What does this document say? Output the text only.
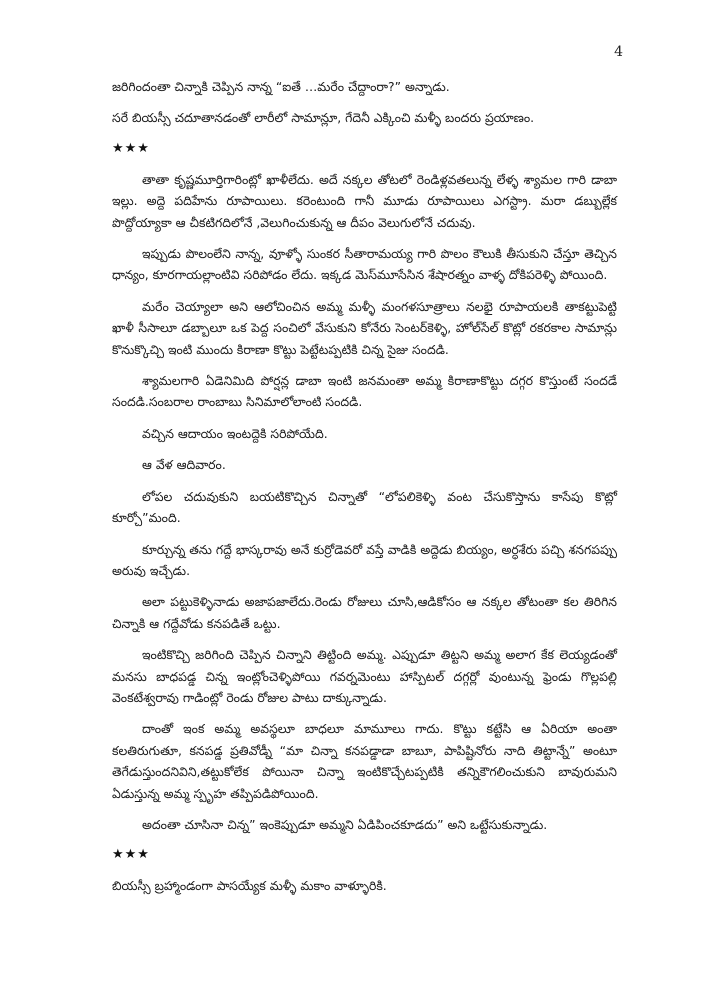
4

జరిగిందంతా చిన్నాకి చెప్పిన నాన్న “ఐతే …మరేం చేద్దాంరా?” అన్నాడు.

సరే బియస్సీ చదూతానడంతో లారీలో సామాన్లూ, గేదెనీ ఎక్కించి మళ్ళీ బందరు ప్రయాణం.

★★★

తాతా కృష్ణమూర్తిగారింట్లో ఖాళీలేదు. అదే నక్కల తోటలో రెండిళ్లవతలున్న లేళ్ళ శ్యామల గారి డాబా ఇల్లు. అద్దె పదిహేను రూపాయిలు. కరెంటుంది గానీ మూడు రూపాయిలు ఎగస్ట్రా. మరా డబ్బుల్లేక పొద్దోయ్యాకా ఆ చీకటిగదిలోనే ,వెలుగించుకున్న ఆ దీపం వెలుగులోనే చదువు.

ఇప్పుడు పొలంలేని నాన్న, వూళ్ళో సుంకర సీతారామయ్య గారి పొలం కౌలుకి తీసుకుని చేస్తూ తెచ్చిన ధాన్యం, కూరగాయల్లాంటివి సరిపోడం లేదు. ఇక్కడ మెస్‌మూసేసిన శేషారత్నం వాళ్ళ దోకిపరెళ్ళి పోయింది.

మరేం చెయ్యాలా అని ఆలోచించిన అమ్మ మళ్ళీ మంగళసూత్రాలు నలభై రూపాయలకి తాకట్టుపెట్టి ఖాళీ సీసాలూ డబ్బాలూ ఒక పెద్ద సంచిలో వేసుకుని కోనేరు సెంటర్‌కెళ్ళి, హోల్‌సేల్ కొట్లో రకరకాల సామాన్లు కొనుక్కొచ్చి ఇంటి ముందు కిరాణా కొట్టు పెట్టేటప్పటికి చిన్న సైజు సందడి.

శ్యామలగారి ఏడెనిమిది పోర్షన్ల డాబా ఇంటి జనమంతా అమ్మ కిరాణాకొట్టు దగ్గర కొస్తుంటే సందడే సందడి.సంబరాల రాంబాబు సినిమాలోలాంటి సందడి.

వచ్చిన ఆదాయం ఇంటద్దెకి సరిపోయేది.

ఆ వేళ ఆదివారం.

లోపల చదువుకుని బయటికొచ్చిన చిన్నాతో “లోపలికెళ్ళి వంట చేసుకొస్తాను కాసేపు కొట్లో కూర్చో”మంది.

కూర్చున్న తను గద్దే భాస్కరావు అనే కుర్రోడెవరో వస్తే వాడికి అద్దెడు బియ్యం, అర్ధశేరు పచ్చి శనగపప్పు అరువు ఇచ్చేడు.

అలా పట్టుకెళ్ళినాడు అజాపజాలేదు.రెండు రోజులు చూసి,ఆడికోసం ఆ నక్కల తోటంతా కల తిరిగిన చిన్నాకి ఆ గద్దేవోడు కనపడితే ఒట్టు.

ఇంటికొచ్చి జరిగింది చెప్పిన చిన్నాని తిట్టింది అమ్మ. ఎప్పుడూ తిట్టని అమ్మ అలాగ కేక లెయ్యడంతో మనసు బాధపడ్డ చిన్న ఇంట్లోంచెళ్ళిపోయి గవర్నమెంటు హాస్పిటల్ దగ్గర్లో వుంటున్న ఫ్రెండు గొల్లపల్లి వెంకటేశ్వరావు గాడింట్లో రెండు రోజుల పాటు దాక్కున్నాడు.

దాంతో ఇంక అమ్మ అవస్థలూ బాధలూ మామూలు గాదు. కొట్టు కట్టేసి ఆ ఏరియా అంతా కలతిరుగుతూ, కనపడ్డ ప్రతివోడ్నీ “మా చిన్నా కనపడ్డాడా బాబూ, పాపిష్టినోరు నాది తిట్టాన్నే” అంటూ తెగేడుస్తుందనివిని,తట్టుకోలేక పోయినా చిన్నా ఇంటికొచ్చేటప్పటికి తన్నికౌగలించుకుని బావురుమని ఏడుస్తున్న అమ్మ స్పృహ తప్పిపడిపోయింది.

అదంతా చూసినా చిన్న” ఇంకెప్పుడూ అమ్మని ఏడిపించకూడదు” అని ఒట్టేసుకున్నాడు.

★★★

బియస్సీ బ్రహ్మాండంగా పాసయ్యేక మళ్ళీ మకాం వాళ్ళూరికి.
